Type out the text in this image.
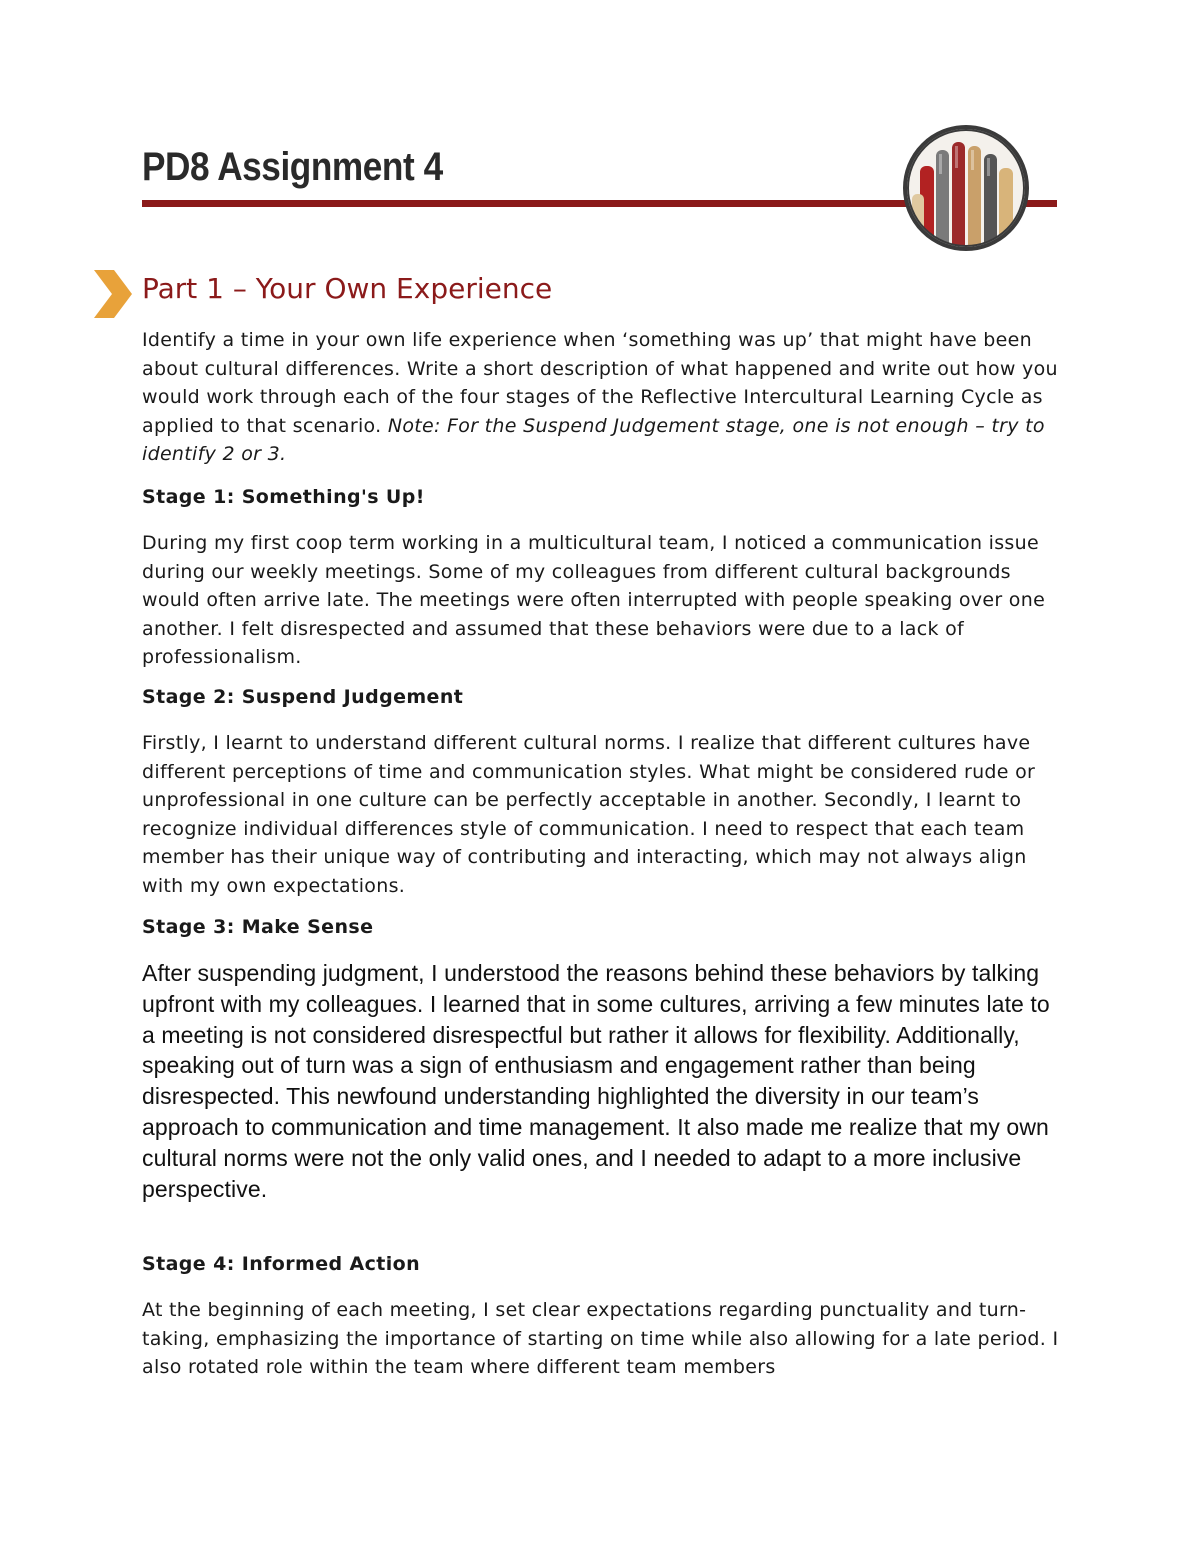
PD8 Assignment 4
Part 1 – Your Own Experience

Identify a time in your own life experience when ‘something was up’ that might have been about cultural differences. Write a short description of what happened and write out how you would work through each of the four stages of the Reflective Intercultural Learning Cycle as applied to that scenario. Note: For the Suspend Judgement stage, one is not enough – try to identify 2 or 3.

Stage 1: Something's Up!

During my first coop term working in a multicultural team, I noticed a communication issue during our weekly meetings. Some of my colleagues from different cultural backgrounds would often arrive late. The meetings were often interrupted with people speaking over one another. I felt disrespected and assumed that these behaviors were due to a lack of professionalism.

Stage 2: Suspend Judgement

Firstly, I learnt to understand different cultural norms. I realize that different cultures have different perceptions of time and communication styles. What might be considered rude or unprofessional in one culture can be perfectly acceptable in another. Secondly, I learnt to recognize individual differences style of communication. I need to respect that each team member has their unique way of contributing and interacting, which may not always align with my own expectations.

Stage 3: Make Sense

After suspending judgment, I understood the reasons behind these behaviors by talking upfront with my colleagues. I learned that in some cultures, arriving a few minutes late to a meeting is not considered disrespectful but rather it allows for flexibility. Additionally, speaking out of turn was a sign of enthusiasm and engagement rather than being disrespected. This newfound understanding highlighted the diversity in our team’s approach to communication and time management. It also made me realize that my own cultural norms were not the only valid ones, and I needed to adapt to a more inclusive perspective.

Stage 4: Informed Action

At the beginning of each meeting, I set clear expectations regarding punctuality and turn-taking, emphasizing the importance of starting on time while also allowing for a late period. I also rotated role within the team where different team members
